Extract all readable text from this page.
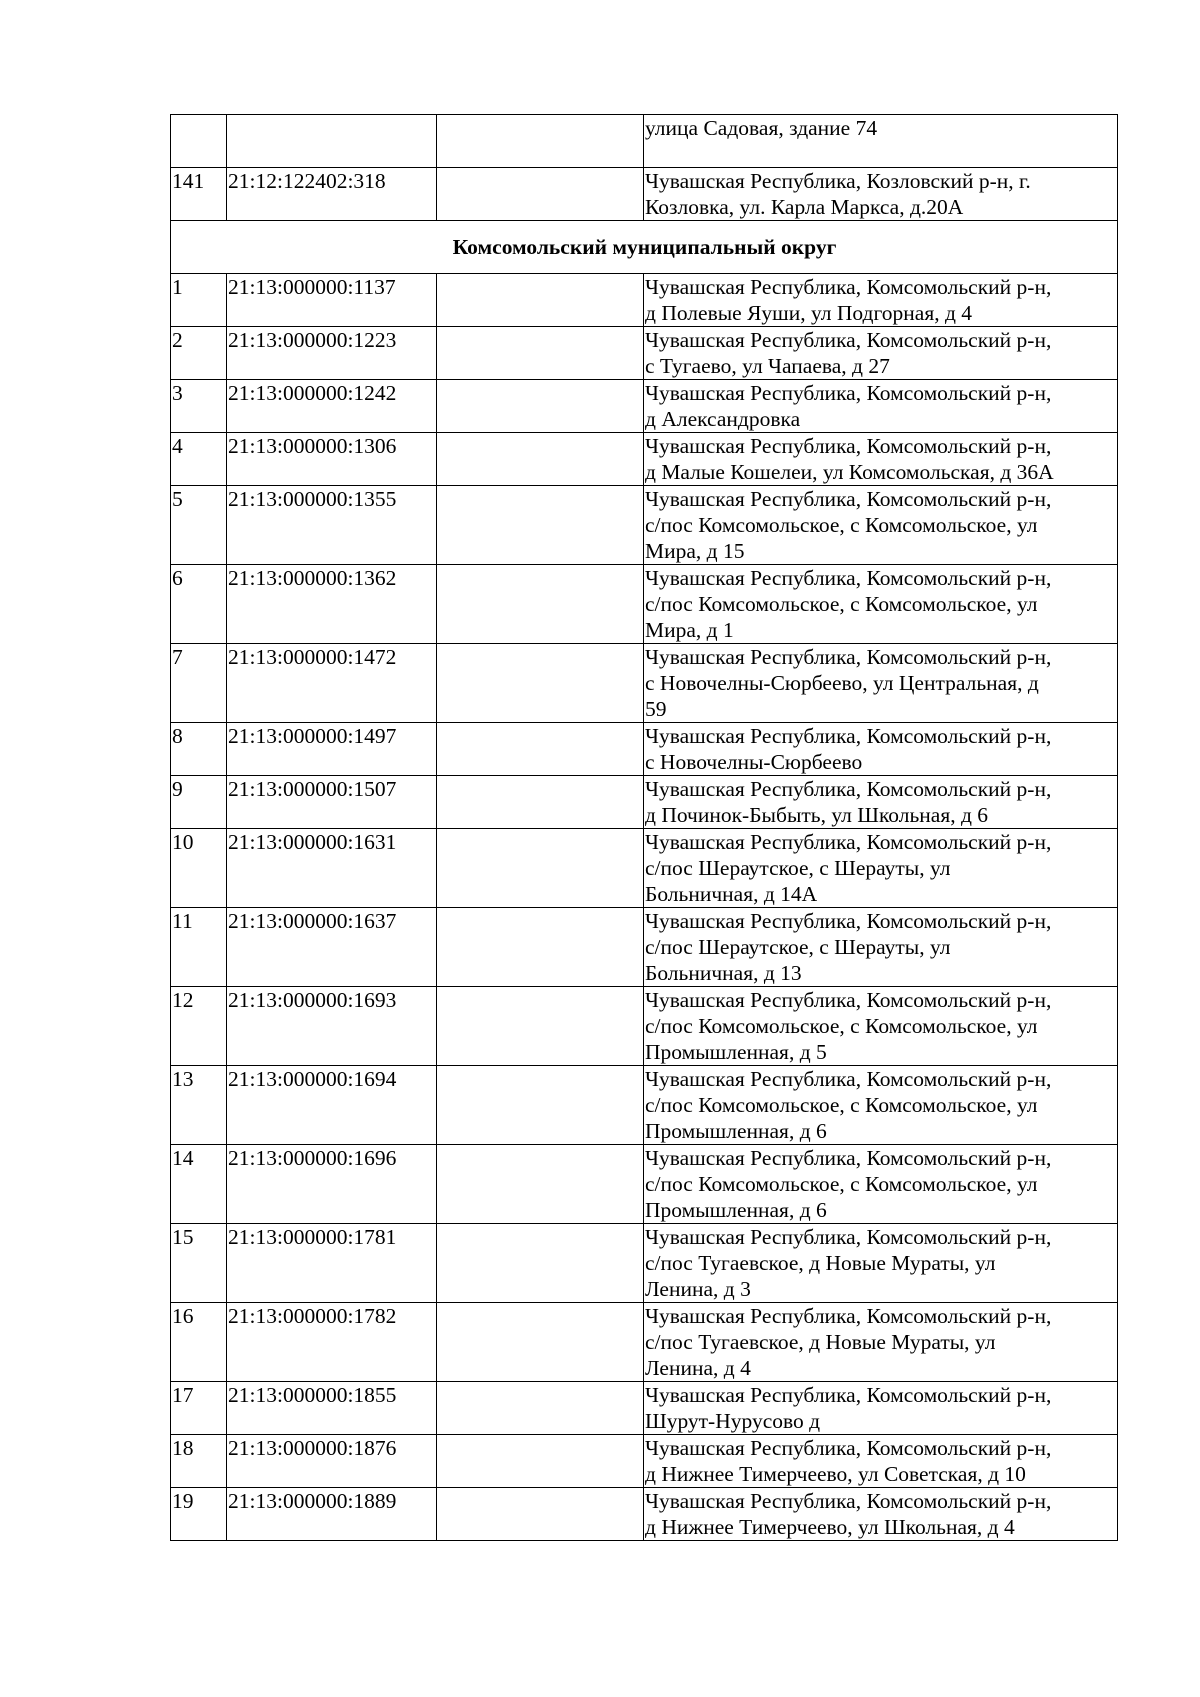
			улица Садовая, здание 74

141	21:12:122402:318		Чувашская Республика, Козловский р-н, г.
Козловка, ул. Карла Маркса, д.20А

Комсомольский муниципальный округ			
1	21:13:000000:1137		Чувашская Республика, Комсомольский р-н,
д Полевые Яуши, ул Подгорная, д 4

2	21:13:000000:1223		Чувашская Республика, Комсомольский р-н,
с Тугаево, ул Чапаева, д 27

3	21:13:000000:1242		Чувашская Республика, Комсомольский р-н,
д Александровка

4	21:13:000000:1306		Чувашская Республика, Комсомольский р-н,
д Малые Кошелеи, ул Комсомольская, д 36А

5	21:13:000000:1355		Чувашская Республика, Комсомольский р-н,
с/пос Комсомольское, с Комсомольское, ул
Мира, д 15

6	21:13:000000:1362		Чувашская Республика, Комсомольский р-н,
с/пос Комсомольское, с Комсомольское, ул
Мира, д 1

7	21:13:000000:1472		Чувашская Республика, Комсомольский р-н,
с Новочелны-Сюрбеево, ул Центральная, д
59

8	21:13:000000:1497		Чувашская Республика, Комсомольский р-н,
с Новочелны-Сюрбеево

9	21:13:000000:1507		Чувашская Республика, Комсомольский р-н,
д Починок-Быбыть, ул Школьная, д 6

10	21:13:000000:1631		Чувашская Республика, Комсомольский р-н,
с/пос Шераутское, с Шерауты, ул
Больничная, д 14А

11	21:13:000000:1637		Чувашская Республика, Комсомольский р-н,
с/пос Шераутское, с Шерауты, ул
Больничная, д 13

12	21:13:000000:1693		Чувашская Республика, Комсомольский р-н,
с/пос Комсомольское, с Комсомольское, ул
Промышленная, д 5

13	21:13:000000:1694		Чувашская Республика, Комсомольский р-н,
с/пос Комсомольское, с Комсомольское, ул
Промышленная, д 6

14	21:13:000000:1696		Чувашская Республика, Комсомольский р-н,
с/пос Комсомольское, с Комсомольское, ул
Промышленная, д 6

15	21:13:000000:1781		Чувашская Республика, Комсомольский р-н,
с/пос Тугаевское, д Новые Мураты, ул
Ленина, д 3

16	21:13:000000:1782		Чувашская Республика, Комсомольский р-н,
с/пос Тугаевское, д Новые Мураты, ул
Ленина, д 4

17	21:13:000000:1855		Чувашская Республика, Комсомольский р-н,
Шурут-Нурусово д

18	21:13:000000:1876		Чувашская Республика, Комсомольский р-н,
д Нижнее Тимерчеево, ул Советская, д 10

19	21:13:000000:1889		Чувашская Республика, Комсомольский р-н,
д Нижнее Тимерчеево, ул Школьная, д 4
